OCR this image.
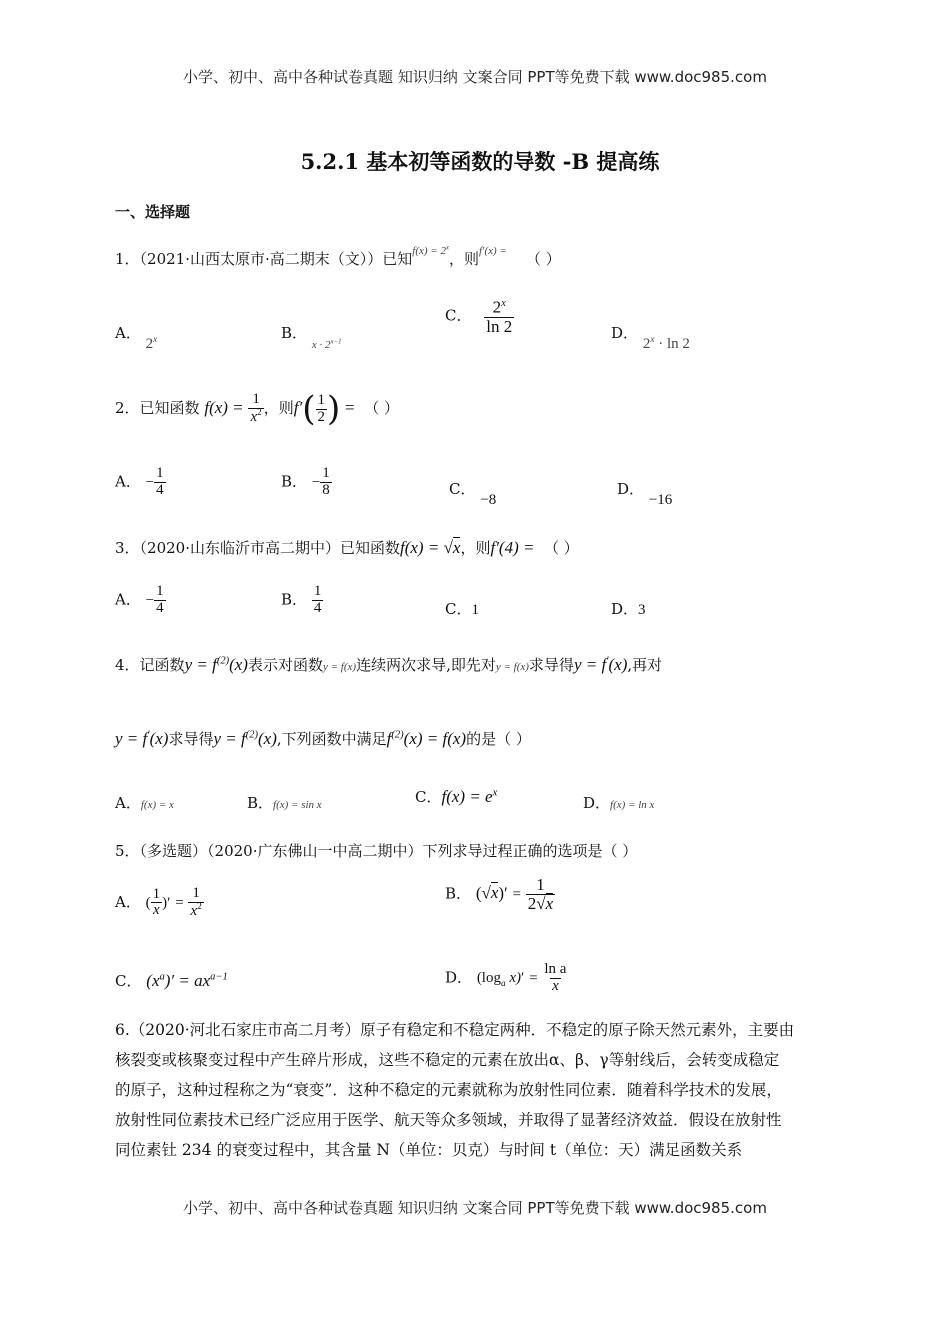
小学、初中、高中各种试卷真题 知识归纳 文案合同 PPT等免费下载 www.doc985.com
5.2.1 基本初等函数的导数 -B 提高练
一、选择题
1．（2021·山西太原市·高二期末（文））已知$^{f(x) = 2^x}$，则$^{f'(x) =}$ （ ）
A． 2$^x$	B． $_{x \cdot 2^{x-1}}$
C． $\frac{2^x}{\ln 2}$	D． $2^x \cdot \ln 2$
2．已知函数 $f(x) = \frac{1}{x^2}$ ，则$f'( \frac{1}{2}$ ) = （ ）
A． − $\frac{1}{4}$	B． − $\frac{1}{8}$	C． −8
D． −16
3．（2020·山东临沂市高二期中）已知函数f(x) = √x，则f′(4) = （ ）
A． − $\frac{1}{4}$	B． $\frac{1}{4}$	C．1	D．3
4．记函数$y = f^{(2)}(x)$表示对函数y = f(x)连续两次求导,即先对y = f(x)求导得y = f′(x),再对
y = f′(x)求导得$y = f^{(2)}(x)$,下列函数中满足$f^{(2)}(x) = f(x)$的是（ ）
A．f(x) = x	B．f(x) = sin x	C．$f(x) = e^x$
D．f(x) = ln x
5．（多选题）（2020·广东佛山一中高二期中）下列求导过程正确的选项是（ ）
A． ( $\frac{1}{x}$ )′ = $\frac{1}{x^2}$	B． $(√x)' = \frac{1}{2√x}$
C． $(x^a)' = ax^{a-1}$	D． ($\log_a$ $x)' = \frac{\text{ln a}}{x}$
6.（2020·河北石家庄市高二月考）原子有稳定和不稳定两种．不稳定的原子除天然元素外，主要由
核裂变或核聚变过程中产生碎片形成，这些不稳定的元素在放出α、β、γ等射线后，会转变成稳定
的原子，这种过程称之为“衰变”．这种不稳定的元素就称为放射性同位素．随着科学技术的发展，
放射性同位素技术已经广泛应用于医学、航天等众多领域，并取得了显著经济效益．假设在放射性
同位素钍 234 的衰变过程中，其含量 N（单位：贝克）与时间 t（单位：天）满足函数关系
小学、初中、高中各种试卷真题 知识归纳 文案合同 PPT等免费下载 www.doc985.com
